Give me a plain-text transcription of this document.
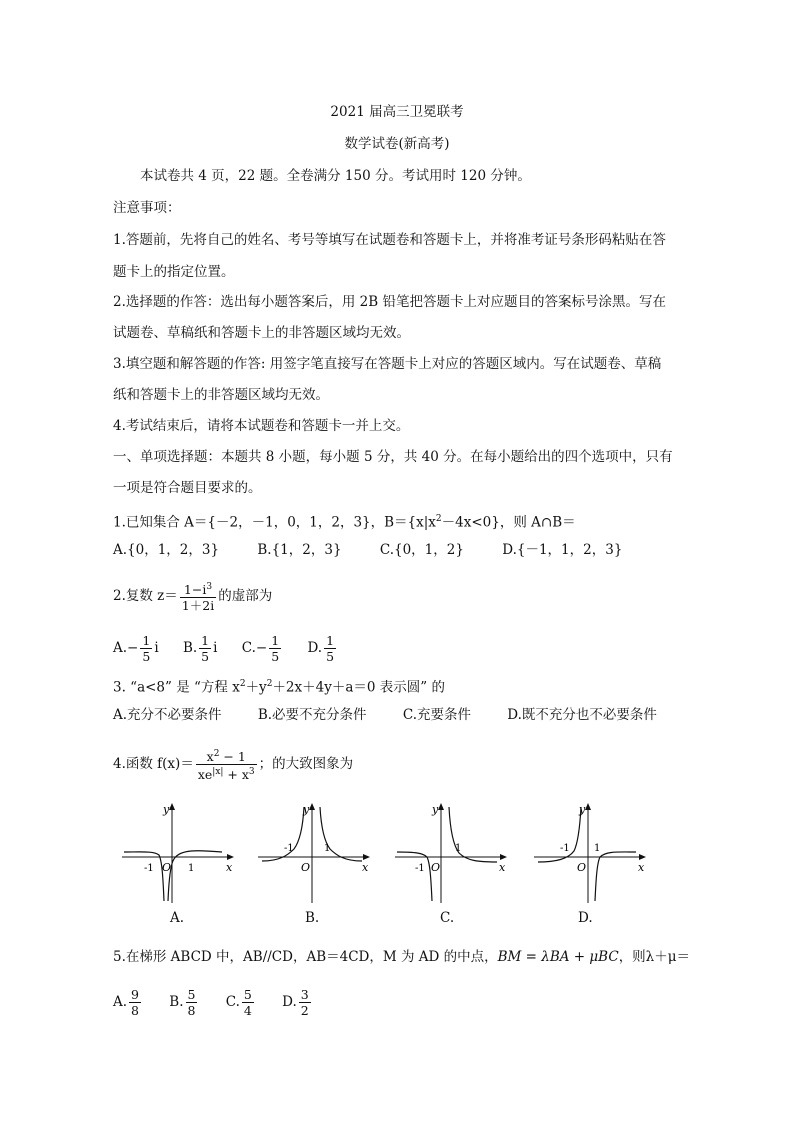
2021 届高三卫冕联考
数学试卷(新高考)
本试卷共 4 页，22 题。全卷满分 150 分。考试用时 120 分钟。
注意事项：
1.答题前，先将自己的姓名、考号等填写在试题卷和答题卡上，并将准考证号条形码粘贴在答
题卡上的指定位置。
2.选择题的作答：选出每小题答案后，用 2B 铅笔把答题卡上对应题目的答案标号涂黑。写在
试题卷、草稿纸和答题卡上的非答题区域均无效。
3.填空题和解答题的作答: 用签字笔直接写在答题卡上对应的答题区域内。写在试题卷、草稿
纸和答题卡上的非答题区域均无效。
4.考试结束后，请将本试题卷和答题卡一并上交。
一、单项选择题：本题共 8 小题，每小题 5 分，共 40 分。在每小题给出的四个选项中，只有
一项是符合题目要求的。
1.已知集合 A＝{－2，－1，0，1，2，3}，$B=\{x|x^2-4x<0\}$，则 A∩B＝
A.{0，1，2，3}	B.{1，2，3}	C.{0，1，2}	D.{－1，1，2，3}
2.复数 $z= \frac{1-i^3}{1+2i}$ 的虚部为
$A.- \frac{1}{5}$ i B. $\frac{1}{5}$ i $C.- \frac{1}{5} D$. $\frac{1}{5}$
3. “a<8” 是 “方程 $x^2+y^2+2x+4y+a=0$ 表示圆” 的
A.充分不必要条件	B.必要不充分条件	C.充要条件	D.既不充分也不必要条件
4.函数 $f(x)= \frac{x^2 - 1}{xe^{|x|} + x^3}$ ；的大致图象为
y
x
O
-1	1
A.
y
x
O
-1	1
B.
y
x
O
-1
1
C.
y
x
O
-1 1
D.
5.在梯形 ABCD 中，AB//CD，AB＝4CD，M 为 AD 的中点，BM = λBA + μBC，则λ＋μ＝
A. $\frac{9}{8} B$. $\frac{5}{8} C$. $\frac{5}{4} D$. $\frac{3}{2}$
